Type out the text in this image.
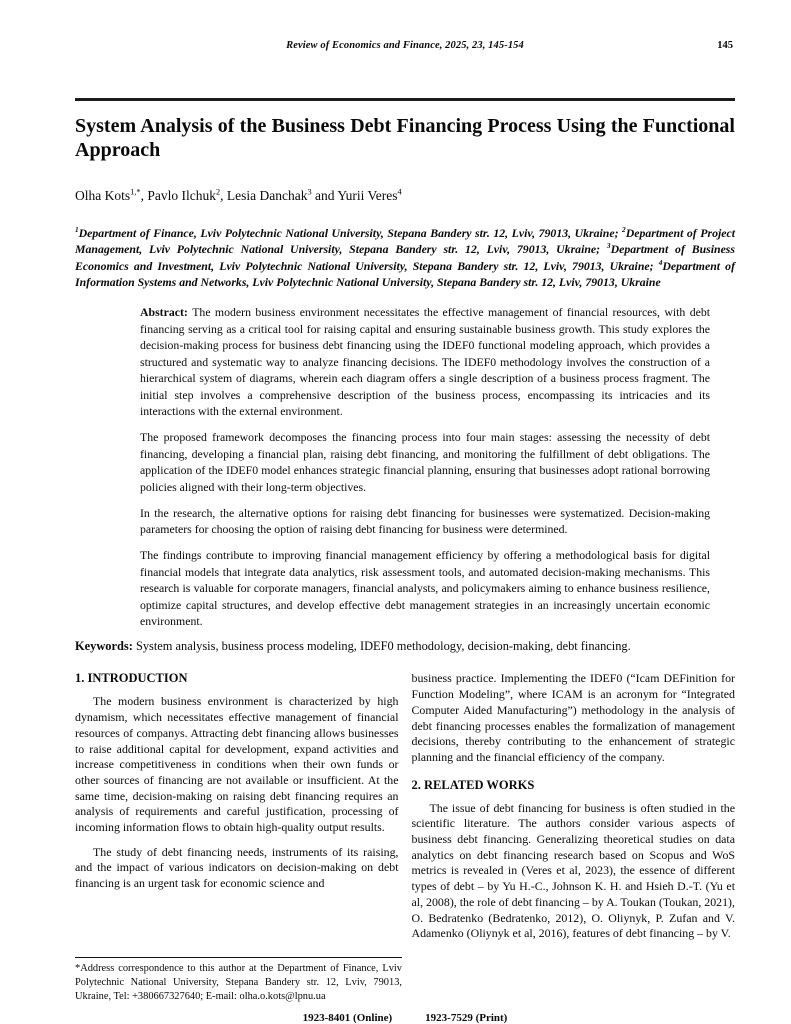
Review of Economics and Finance, 2025, 23, 145-154	145
System Analysis of the Business Debt Financing Process Using the Functional Approach
Olha Kots$^{1,*}$, Pavlo Ilchuk$^2$, Lesia Danchak$^3$ and Yurii Veres$^4$

$^1$Department of Finance, Lviv Polytechnic National University, Stepana Bandery str. 12, Lviv, 79013, Ukraine; $^2$Department of Project Management, Lviv Polytechnic National University, Stepana Bandery str. 12, Lviv, 79013, Ukraine; $^3$Department of Business Economics and Investment, Lviv Polytechnic National University, Stepana Bandery str. 12, Lviv, 79013, Ukraine; $^4$Department of Information Systems and Networks, Lviv Polytechnic National University, Stepana Bandery str. 12, Lviv, 79013, Ukraine

Abstract: The modern business environment necessitates the effective management of financial resources, with debt financing serving as a critical tool for raising capital and ensuring sustainable business growth. This study explores the decision-making process for business debt financing using the IDEF0 functional modeling approach, which provides a structured and systematic way to analyze financing decisions. The IDEF0 methodology involves the construction of a hierarchical system of diagrams, wherein each diagram offers a single description of a business process fragment. The initial step involves a comprehensive description of the business process, encompassing its intricacies and its interactions with the external environment.

The proposed framework decomposes the financing process into four main stages: assessing the necessity of debt financing, developing a financial plan, raising debt financing, and monitoring the fulfillment of debt obligations. The application of the IDEF0 model enhances strategic financial planning, ensuring that businesses adopt rational borrowing policies aligned with their long-term objectives.

In the research, the alternative options for raising debt financing for businesses were systematized. Decision-making parameters for choosing the option of raising debt financing for business were determined.

The findings contribute to improving financial management efficiency by offering a methodological basis for digital financial models that integrate data analytics, risk assessment tools, and automated decision-making mechanisms. This research is valuable for corporate managers, financial analysts, and policymakers aiming to enhance business resilience, optimize capital structures, and develop effective debt management strategies in an increasingly uncertain economic environment.

Keywords: System analysis, business process modeling, IDEF0 methodology, decision-making, debt financing.
1. INTRODUCTION

The modern business environment is characterized by high dynamism, which necessitates effective management of financial resources of companys. Attracting debt financing allows businesses to raise additional capital for development, expand activities and increase competitiveness in conditions when their own funds or other sources of financing are not available or insufficient. At the same time, decision-making on raising debt financing requires an analysis of requirements and careful justification, processing of incoming information flows to obtain high-quality output results.

The study of debt financing needs, instruments of its raising, and the impact of various indicators on decision-making on debt financing is an urgent task for economic science and

business practice. Implementing the IDEF0 (“Icam DEFinition for Function Modeling”, where ICAM is an acronym for “Integrated Computer Aided Manufacturing”) methodology in the analysis of debt financing processes enables the formalization of management decisions, thereby contributing to the enhancement of strategic planning and the financial efficiency of the company.

2. RELATED WORKS

The issue of debt financing for business is often studied in the scientific literature. The authors consider various aspects of business debt financing. Generalizing theoretical studies on data analytics on debt financing research based on Scopus and WoS metrics is revealed in (Veres et al, 2023), the essence of different types of debt – by Yu H.-C., Johnson K. H. and Hsieh D.-T. (Yu et al, 2008), the role of debt financing – by A. Toukan (Toukan, 2021), O. Bedratenko (Bedratenko, 2012), O. Oliynyk, P. Zufan and V. Adamenko (Oliynyk et al, 2016), features of debt financing – by V.

*Address correspondence to this author at the Department of Finance, Lviv Polytechnic National University, Stepana Bandery str. 12, Lviv, 79013, Ukraine, Tel: +380667327640; E-mail: olha.o.kots@lpnu.ua

1923-8401 (Online)	1923-7529 (Print)
